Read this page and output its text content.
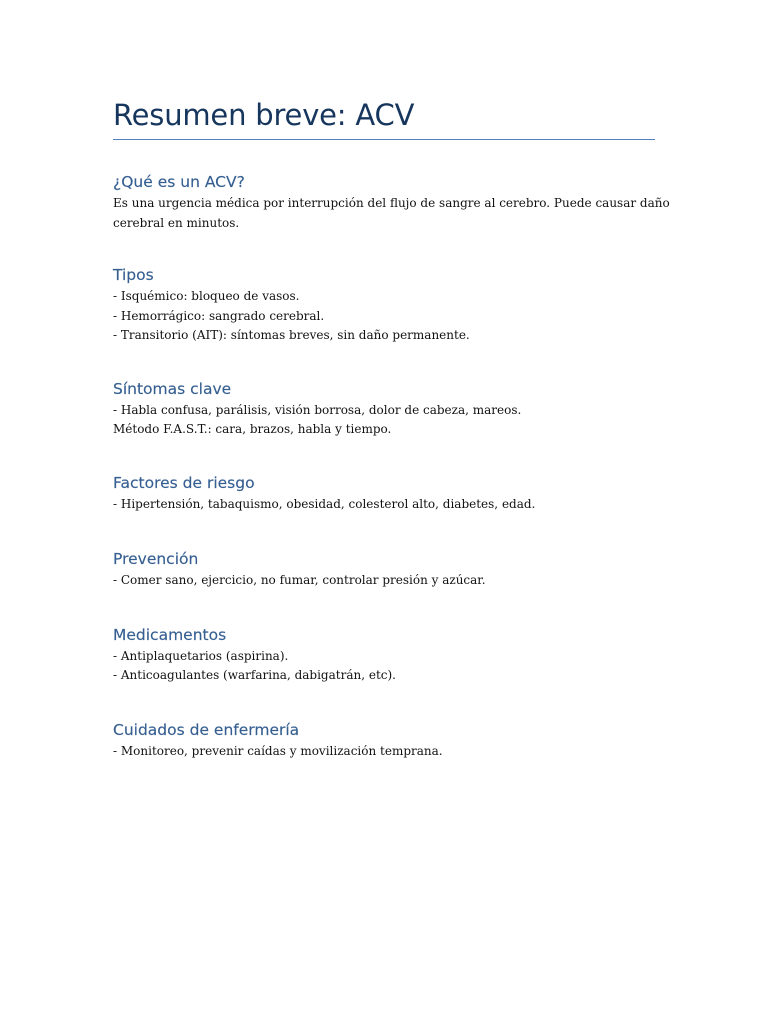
Resumen breve: ACV
¿Qué es un ACV?

Es una urgencia médica por interrupción del flujo de sangre al cerebro. Puede causar daño
cerebral en minutos.

Tipos

- Isquémico: bloqueo de vasos.
- Hemorrágico: sangrado cerebral.
- Transitorio (AIT): síntomas breves, sin daño permanente.

Síntomas clave

- Habla confusa, parálisis, visión borrosa, dolor de cabeza, mareos.
Método F.A.S.T.: cara, brazos, habla y tiempo.

Factores de riesgo

- Hipertensión, tabaquismo, obesidad, colesterol alto, diabetes, edad.

Prevención

- Comer sano, ejercicio, no fumar, controlar presión y azúcar.

Medicamentos

- Antiplaquetarios (aspirina).
- Anticoagulantes (warfarina, dabigatrán, etc).

Cuidados de enfermería

- Monitoreo, prevenir caídas y movilización temprana.
